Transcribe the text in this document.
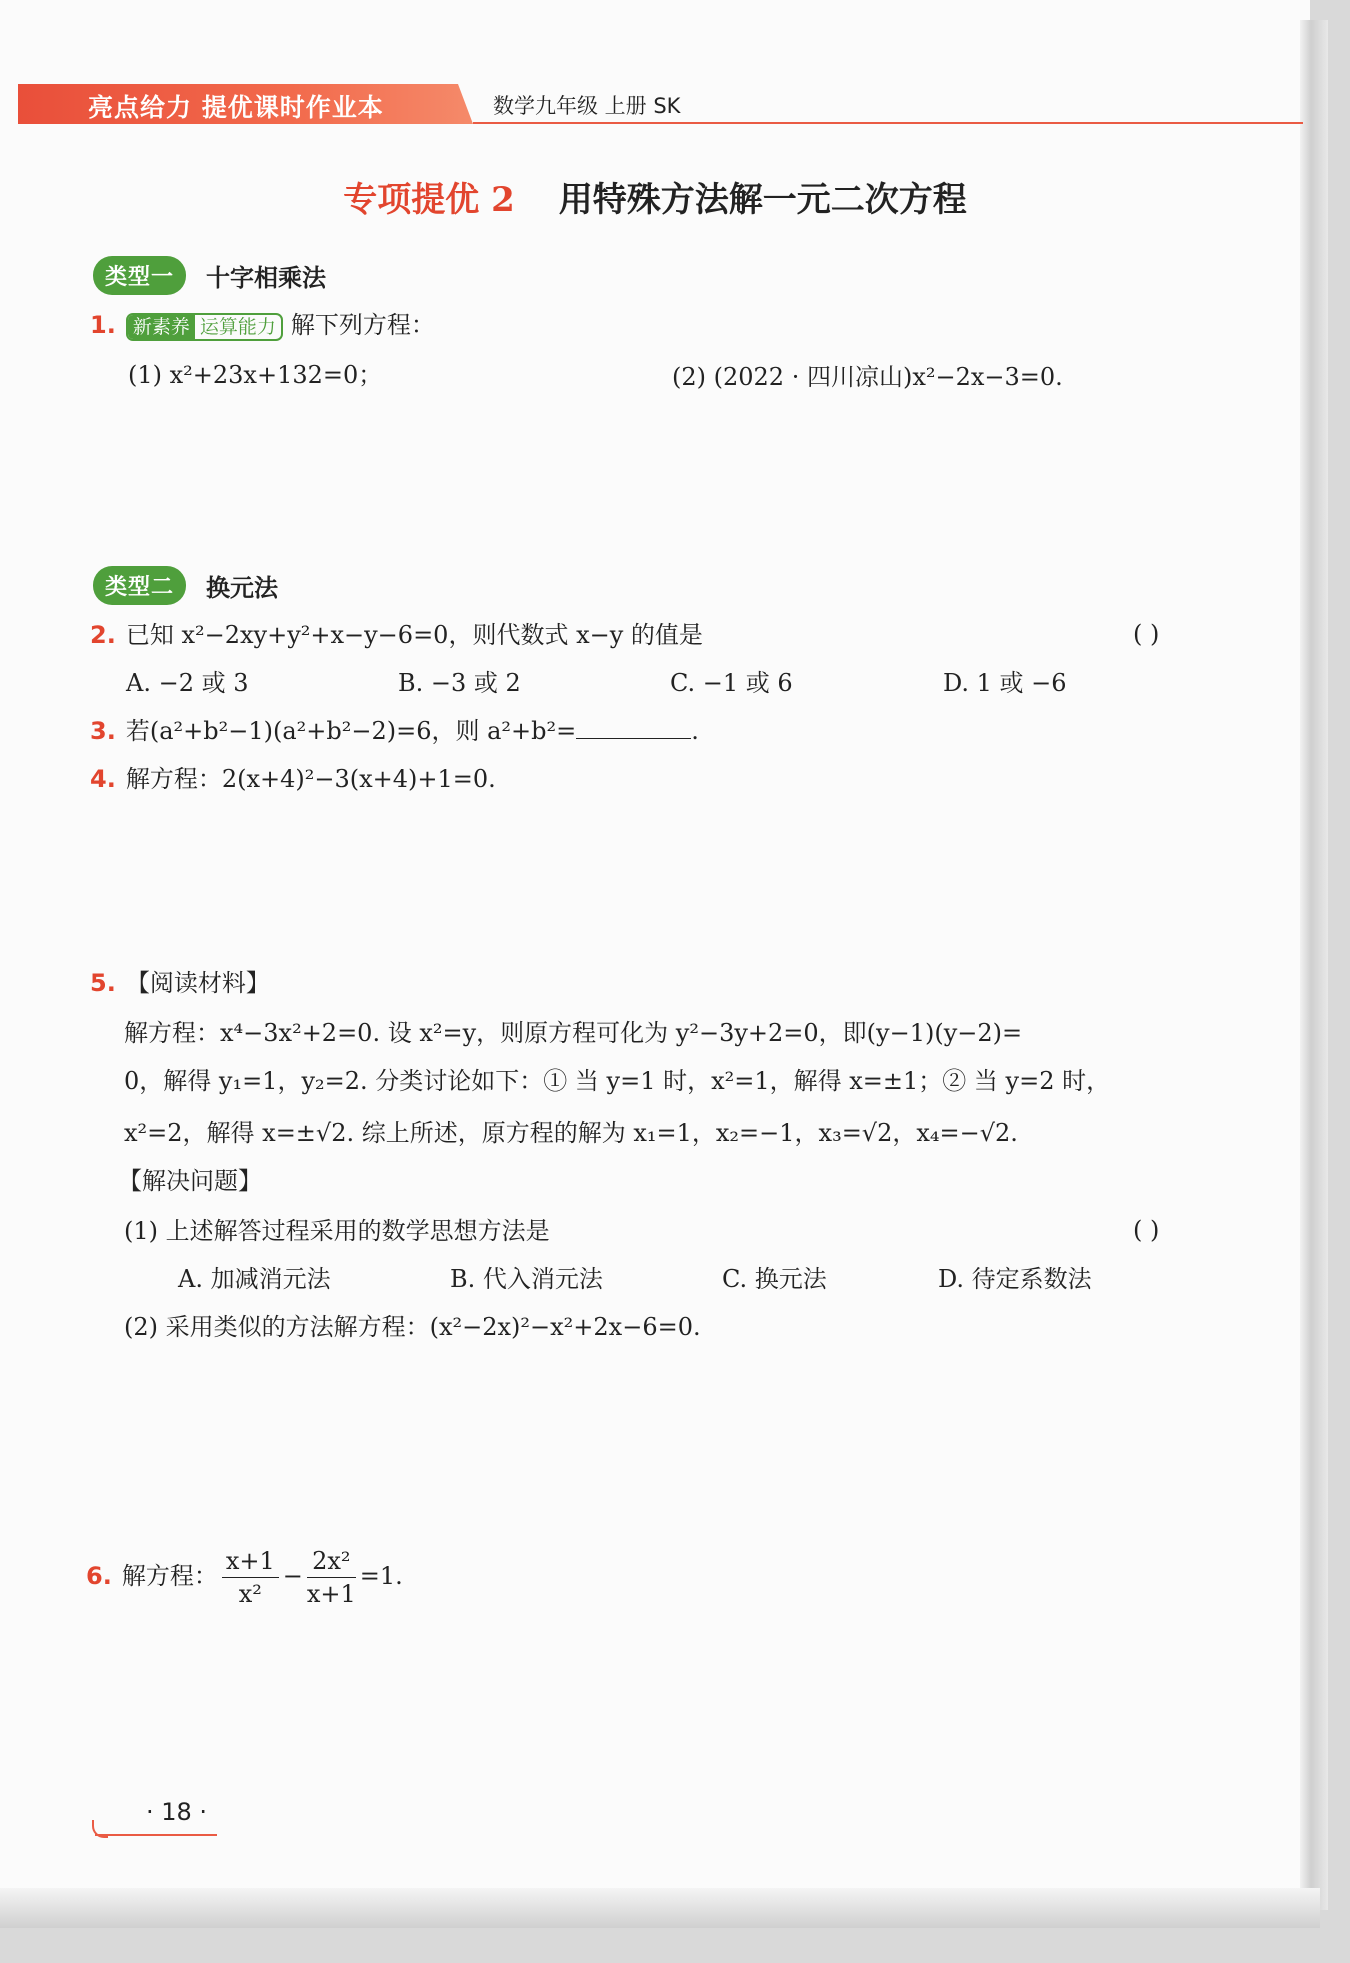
亮点给力 提优课时作业本	数学九年级 上册 SK
专项提优 2 用特殊方法解一元二次方程
类型一 十字相乘法
1. 新素养 运算能力 解下列方程：
(1) x²+23x+132=0；	(2) (2022 · 四川凉山)x²−2x−3=0.
类型二 换元法
2. 已知 x²−2xy+y²+x−y−6=0，则代数式 x−y 的值是	( )
A. −2 或 3	B. −3 或 2	C. −1 或 6	D. 1 或 −6
3. 若(a²+b²−1)(a²+b²−2)=6，则 a²+b²=	.
4. 解方程：2(x+4)²−3(x+4)+1=0.
5. 【阅读材料】
解方程：x⁴−3x²+2=0. 设 x²=y，则原方程可化为 y²−3y+2=0，即(y−1)(y−2)=
0，解得 y₁=1，y₂=2. 分类讨论如下：① 当 y=1 时，x²=1，解得 x=±1；② 当 y=2 时，
x²=2，解得 x=±√2. 综上所述，原方程的解为 x₁=1，x₂=−1，x₃=√2，x₄=−√2.
【解决问题】
(1) 上述解答过程采用的数学思想方法是	( )
A. 加减消元法	B. 代入消元法	C. 换元法	D. 待定系数法
(2) 采用类似的方法解方程：(x²−2x)²−x²+2x−6=0.
6. 解方程： $\frac{x+1}{\text{x²}} - \frac{\text{2x²}}{x+1} =1$.
· 18 ·
